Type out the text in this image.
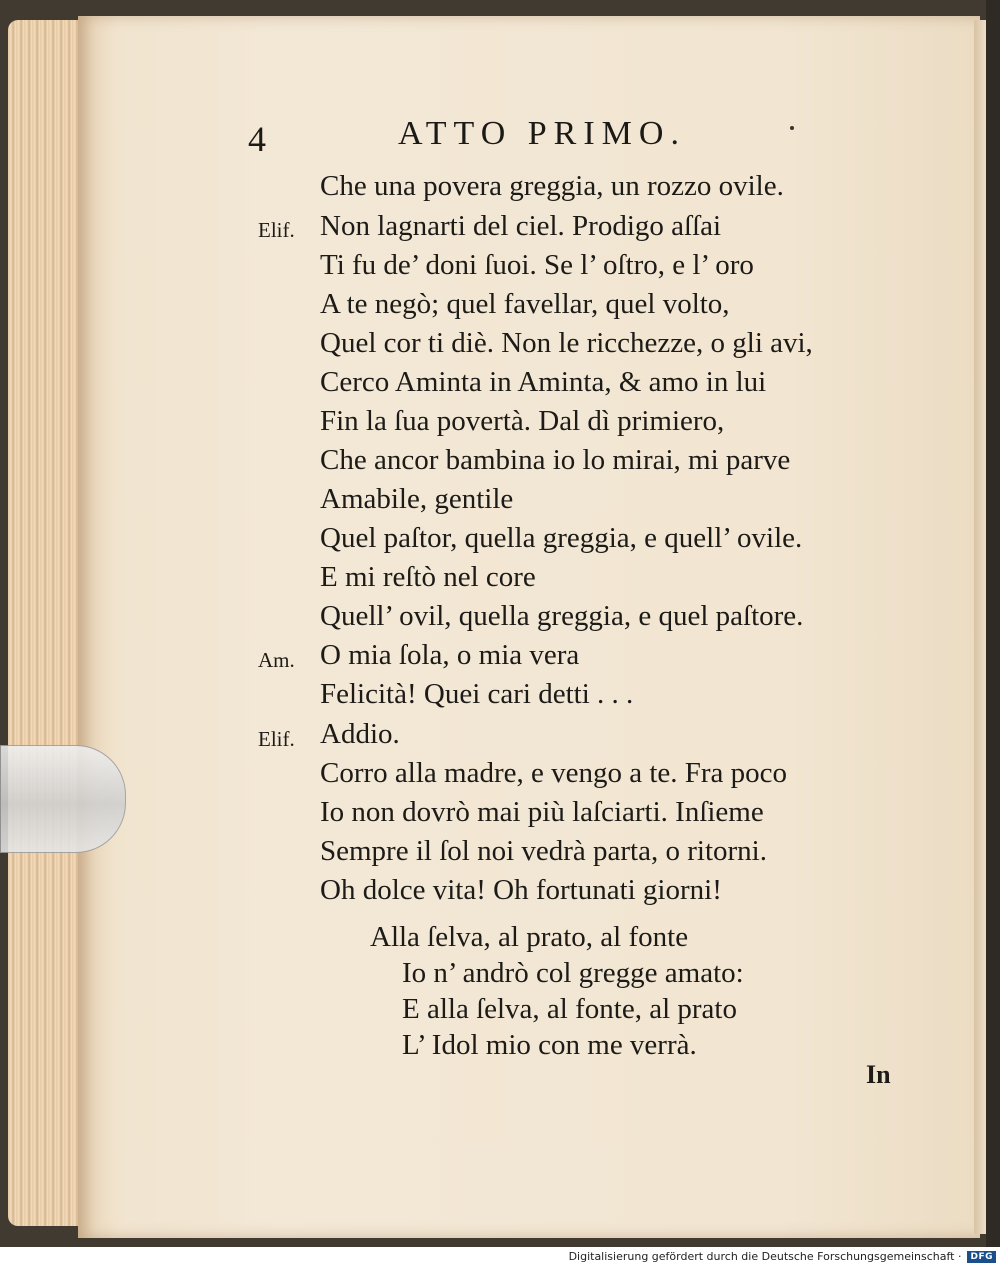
4	ATTO PRIMO.
Elif.
Am.
Elif.
Che una povera greggia, un rozzo ovile.
Non lagnarti del ciel. Prodigo aſſai
Ti fu de’ doni ſuoi. Se l’ oſtro, e l’ oro
A te negò; quel favellar, quel volto,
Quel cor ti diè. Non le ricchezze, o gli avi,
Cerco Aminta in Aminta, & amo in lui
Fin la ſua povertà. Dal dì primiero,
Che ancor bambina io lo mirai, mi parve
Amabile, gentile
Quel paſtor, quella greggia, e quell’ ovile.
E mi reſtò nel core
Quell’ ovil, quella greggia, e quel paſtore.
O mia ſola, o mia vera
Felicità! Quei cari detti . . .
Addio.
Corro alla madre, e vengo a te. Fra poco
Io non dovrò mai più laſciarti. Inſieme
Sempre il ſol noi vedrà parta, o ritorni.
Oh dolce vita! Oh fortunati giorni!
Alla ſelva, al prato, al fonte
Io n’ andrò col gregge amato:
E alla ſelva, al fonte, al prato
L’ Idol mio con me verrà.
In
Digitalisierung gefördert durch die Deutsche Forschungsgemeinschaft ·	DFG
